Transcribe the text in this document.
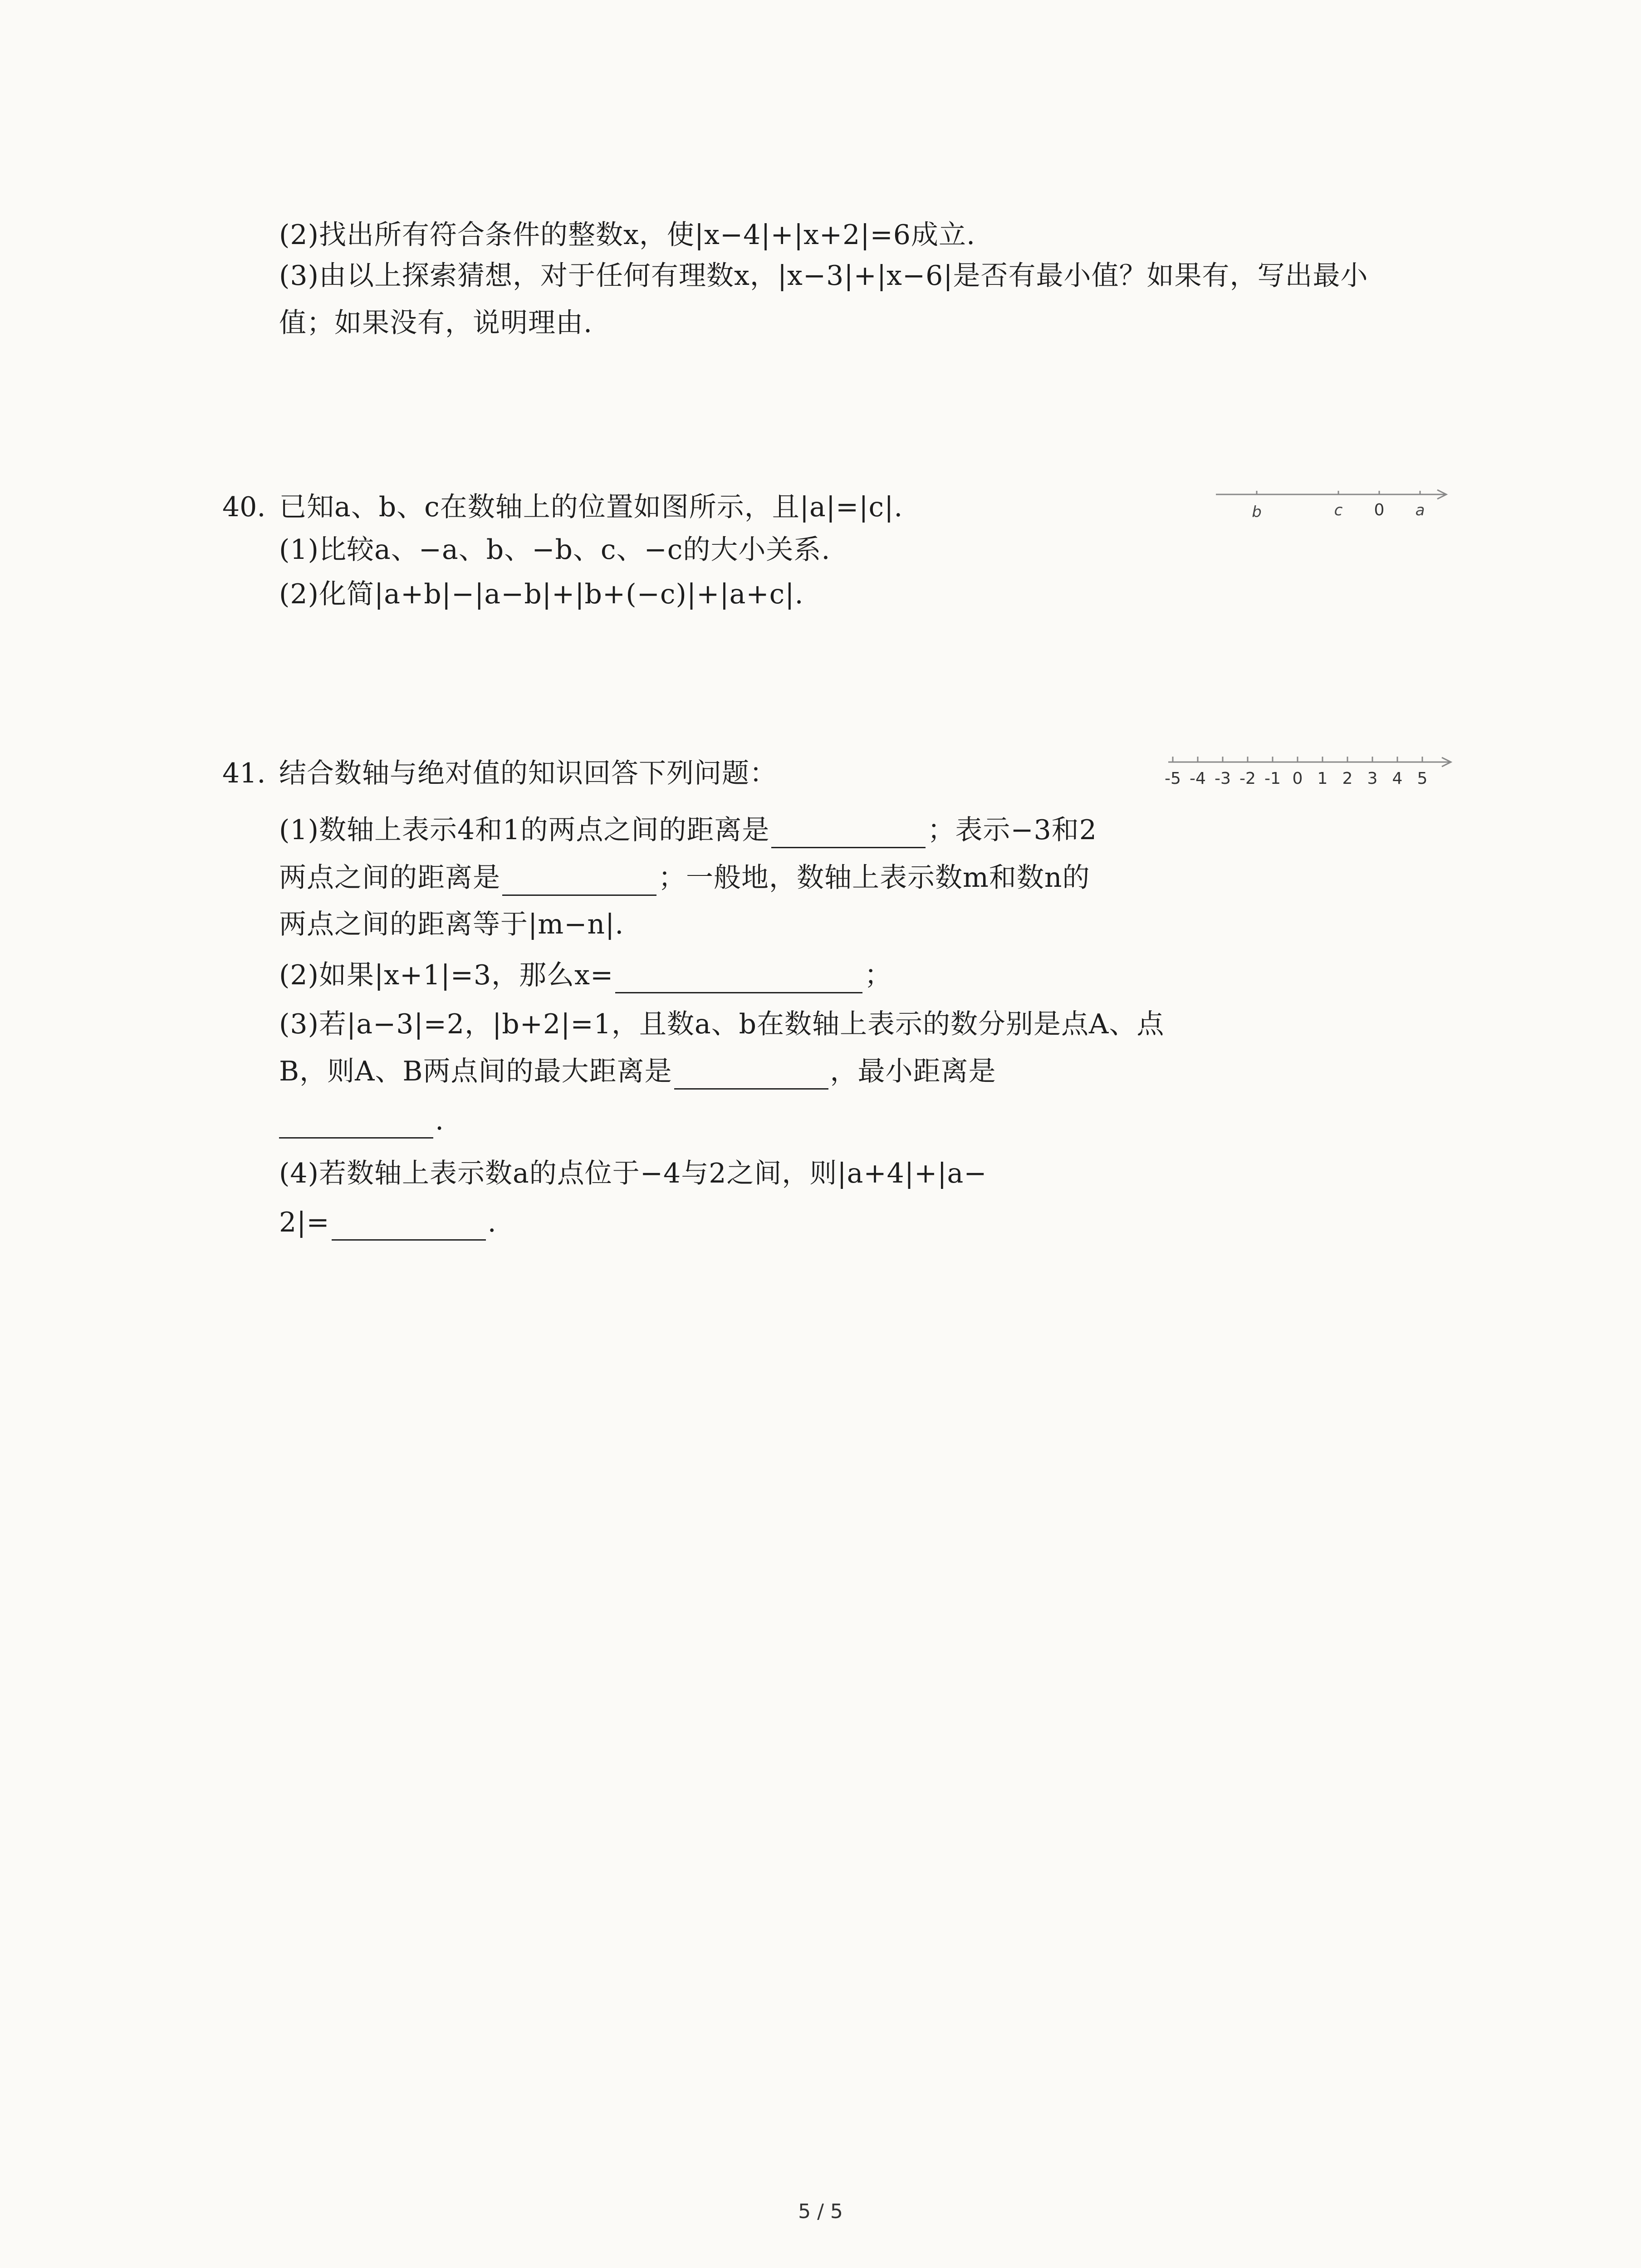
(2)找出所有符合条件的整数x，使|x−4|+|x+2|=6成立.
(3)由以上探索猜想，对于任何有理数x，|x−3|+|x−6|是否有最小值？如果有，写出最小
值；如果没有，说明理由.
40. 已知a、b、c在数轴上的位置如图所示，且|a|=|c|.
(1)比较a、−a、b、−b、c、−c的大小关系.
(2)化简|a+b|−|a−b|+|b+(−c)|+|a+c|.
b	c 0 a
41. 结合数轴与绝对值的知识回答下列问题：
(1)数轴上表示4和1的两点之间的距离是	；表示−3和2
两点之间的距离是	；一般地，数轴上表示数m和数n的
两点之间的距离等于|m−n|.
(2)如果|x+1|=3，那么x=	；
(3)若|a−3|=2，|b+2|=1，且数a、b在数轴上表示的数分别是点A、点
B，则A、B两点间的最大距离是	，最小距离是
.
(4)若数轴上表示数a的点位于−4与2之间，则|a+4|+|a−
2|=	.
-5 -4 -3 -2 -1 0 1 2 3 4 5
5 / 5
